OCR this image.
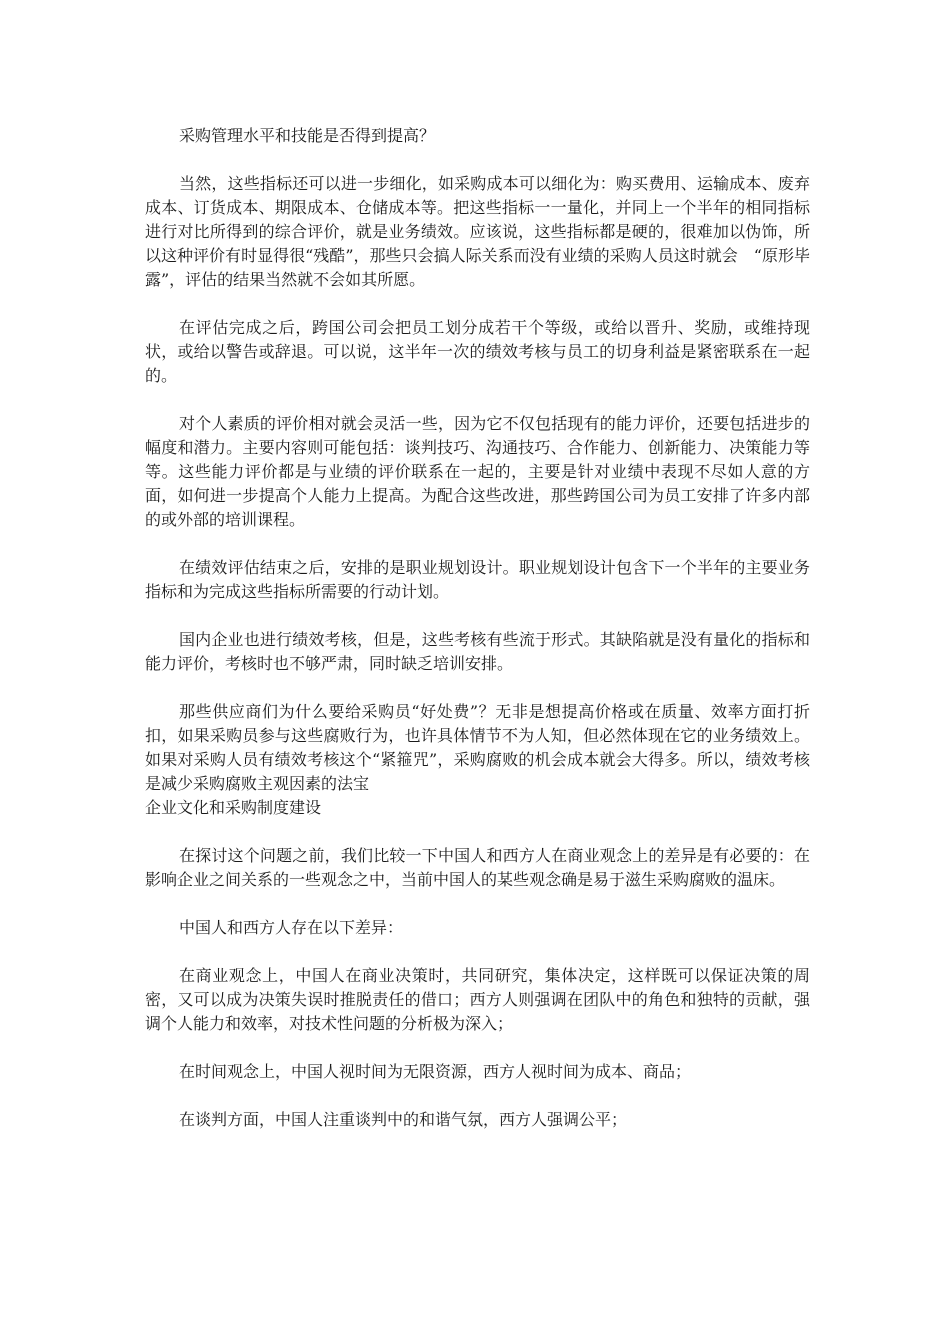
采购管理水平和技能是否得到提高？

当然，这些指标还可以进一步细化，如采购成本可以细化为：购买费用、运输成本、废弃成本、订货成本、期限成本、仓储成本等。把这些指标一一量化，并同上一个半年的相同指标进行对比所得到的综合评价，就是业务绩效。应该说，这些指标都是硬的，很难加以伪饰，所以这种评价有时显得很“残酷”，那些只会搞人际关系而没有业绩的采购人员这时就会　“原形毕露”，评估的结果当然就不会如其所愿。

在评估完成之后，跨国公司会把员工划分成若干个等级，或给以晋升、奖励，或维持现状，或给以警告或辞退。可以说，这半年一次的绩效考核与员工的切身利益是紧密联系在一起的。

对个人素质的评价相对就会灵活一些，因为它不仅包括现有的能力评价，还要包括进步的幅度和潜力。主要内容则可能包括：谈判技巧、沟通技巧、合作能力、创新能力、决策能力等等。这些能力评价都是与业绩的评价联系在一起的，主要是针对业绩中表现不尽如人意的方面，如何进一步提高个人能力上提高。为配合这些改进，那些跨国公司为员工安排了许多内部的或外部的培训课程。

在绩效评估结束之后，安排的是职业规划设计。职业规划设计包含下一个半年的主要业务指标和为完成这些指标所需要的行动计划。

国内企业也进行绩效考核，但是，这些考核有些流于形式。其缺陷就是没有量化的指标和能力评价，考核时也不够严肃，同时缺乏培训安排。

那些供应商们为什么要给采购员“好处费”？无非是想提高价格或在质量、效率方面打折扣，如果采购员参与这些腐败行为，也许具体情节不为人知，但必然体现在它的业务绩效上。如果对采购人员有绩效考核这个“紧箍咒”，采购腐败的机会成本就会大得多。所以，绩效考核是减少采购腐败主观因素的法宝

企业文化和采购制度建设

在探讨这个问题之前，我们比较一下中国人和西方人在商业观念上的差异是有必要的：在影响企业之间关系的一些观念之中，当前中国人的某些观念确是易于滋生采购腐败的温床。

中国人和西方人存在以下差异：

在商业观念上，中国人在商业决策时，共同研究，集体决定，这样既可以保证决策的周密，又可以成为决策失误时推脱责任的借口；西方人则强调在团队中的角色和独特的贡献，强调个人能力和效率，对技术性问题的分析极为深入；

在时间观念上，中国人视时间为无限资源，西方人视时间为成本、商品；

在谈判方面，中国人注重谈判中的和谐气氛，西方人强调公平；
